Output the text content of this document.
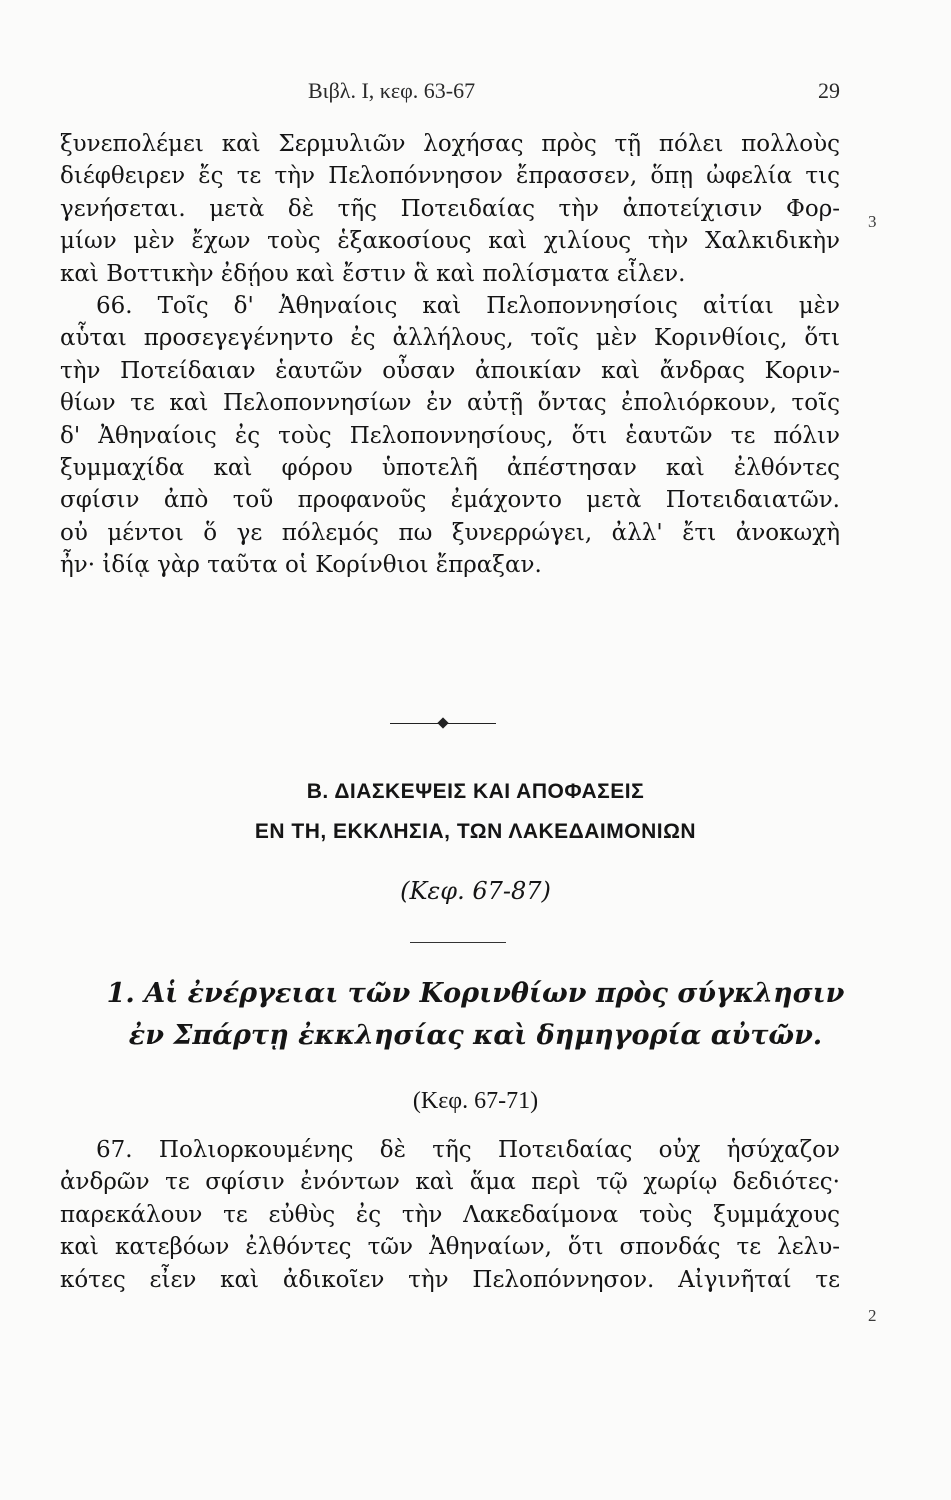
Βιβλ. Ι, κεφ. 63-67	29
ξυνεπολέμει καὶ Σερμυλιῶν λοχήσας πρὸς τῇ πόλει πολλοὺς
διέφθειρεν ἔς τε τὴν Πελοπόννησον ἔπρασσεν, ὅπῃ ὠφελία τις
γενήσεται. μετὰ δὲ τῆς Ποτειδαίας τὴν ἀποτείχισιν Φορ-
μίων μὲν ἔχων τοὺς ἑξακοσίους καὶ χιλίους τὴν Χαλκιδικὴν
καὶ Βοττικὴν ἐδῄου καὶ ἔστιν ἃ καὶ πολίσματα εἷλεν.
66. Τοῖς δ' Ἀθηναίοις καὶ Πελοποννησίοις αἰτίαι μὲν
αὗται προσεγεγένηντο ἐς ἀλλήλους, τοῖς μὲν Κορινθίοις, ὅτι
τὴν Ποτείδαιαν ἑαυτῶν οὖσαν ἀποικίαν καὶ ἄνδρας Κοριν-
θίων τε καὶ Πελοποννησίων ἐν αὐτῇ ὄντας ἐπολιόρκουν, τοῖς
δ' Ἀθηναίοις ἐς τοὺς Πελοποννησίους, ὅτι ἑαυτῶν τε πόλιν
ξυμμαχίδα καὶ φόρου ὑποτελῆ ἀπέστησαν καὶ ἐλθόντες
σφίσιν ἀπὸ τοῦ προφανοῦς ἐμάχοντο μετὰ Ποτειδαιατῶν.
οὐ μέντοι ὅ γε πόλεμός πω ξυνερρώγει, ἀλλ' ἔτι ἀνοκωχὴ
ἦν· ἰδίᾳ γὰρ ταῦτα οἱ Κορίνθιοι ἔπραξαν.
3
Β. ΔΙΑΣΚΕΨΕΙΣ ΚΑΙ ΑΠΟΦΑΣΕΙΣ
ΕΝ ΤΗ, ΕΚΚΛΗΣΙΑ, ΤΩΝ ΛΑΚΕΔΑΙΜΟΝΙΩΝ
(Κεφ. 67-87)
1. Αἱ ἐνέργειαι τῶν Κορινθίων πρὸς σύγκλησιν
ἐν Σπάρτῃ ἐκκλησίας καὶ δημηγορία αὐτῶν.
(Κεφ. 67-71)
67. Πολιορκουμένης δὲ τῆς Ποτειδαίας οὐχ ἡσύχαζον
ἀνδρῶν τε σφίσιν ἐνόντων καὶ ἅμα περὶ τῷ χωρίῳ δεδιότες·
παρεκάλουν τε εὐθὺς ἐς τὴν Λακεδαίμονα τοὺς ξυμμάχους
καὶ κατεβόων ἐλθόντες τῶν Ἀθηναίων, ὅτι σπονδάς τε λελυ-
κότες εἶεν καὶ ἀδικοῖεν τὴν Πελοπόννησον. Αἰγινῆταί τε
2
